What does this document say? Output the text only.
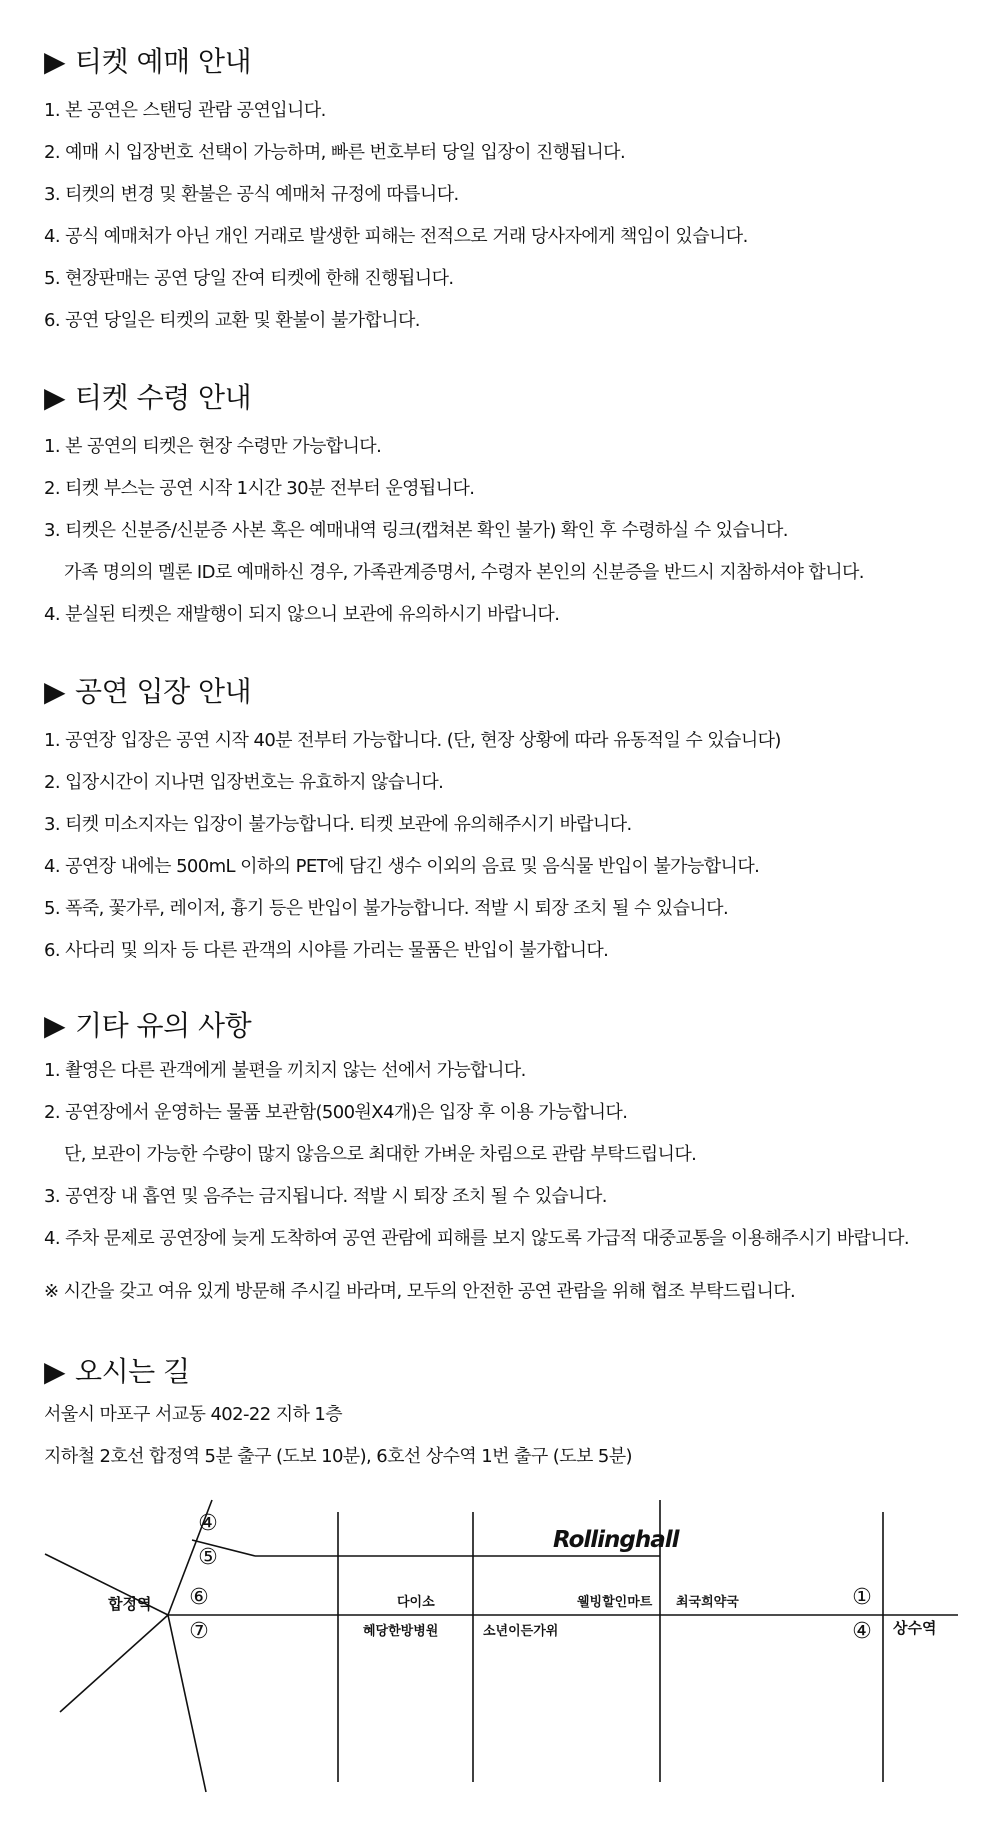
▶ 티켓 예매 안내
1. 본 공연은 스탠딩 관람 공연입니다.
2. 예매 시 입장번호 선택이 가능하며, 빠른 번호부터 당일 입장이 진행됩니다.
3. 티켓의 변경 및 환불은 공식 예매처 규정에 따릅니다.
4. 공식 예매처가 아닌 개인 거래로 발생한 피해는 전적으로 거래 당사자에게 책임이 있습니다.
5. 현장판매는 공연 당일 잔여 티켓에 한해 진행됩니다.
6. 공연 당일은 티켓의 교환 및 환불이 불가합니다.
▶ 티켓 수령 안내
1. 본 공연의 티켓은 현장 수령만 가능합니다.
2. 티켓 부스는 공연 시작 1시간 30분 전부터 운영됩니다.
3. 티켓은 신분증/신분증 사본 혹은 예매내역 링크(캡쳐본 확인 불가) 확인 후 수령하실 수 있습니다.
가족 명의의 멜론 ID로 예매하신 경우, 가족관계증명서, 수령자 본인의 신분증을 반드시 지참하셔야 합니다.
4. 분실된 티켓은 재발행이 되지 않으니 보관에 유의하시기 바랍니다.
▶ 공연 입장 안내
1. 공연장 입장은 공연 시작 40분 전부터 가능합니다. (단, 현장 상황에 따라 유동적일 수 있습니다)
2. 입장시간이 지나면 입장번호는 유효하지 않습니다.
3. 티켓 미소지자는 입장이 불가능합니다. 티켓 보관에 유의해주시기 바랍니다.
4. 공연장 내에는 500mL 이하의 PET에 담긴 생수 이외의 음료 및 음식물 반입이 불가능합니다.
5. 폭죽, 꽃가루, 레이저, 흉기 등은 반입이 불가능합니다. 적발 시 퇴장 조치 될 수 있습니다.
6. 사다리 및 의자 등 다른 관객의 시야를 가리는 물품은 반입이 불가합니다.
▶ 기타 유의 사항
1. 촬영은 다른 관객에게 불편을 끼치지 않는 선에서 가능합니다.
2. 공연장에서 운영하는 물품 보관함(500원X4개)은 입장 후 이용 가능합니다.
단, 보관이 가능한 수량이 많지 않음으로 최대한 가벼운 차림으로 관람 부탁드립니다.
3. 공연장 내 흡연 및 음주는 금지됩니다. 적발 시 퇴장 조치 될 수 있습니다.
4. 주차 문제로 공연장에 늦게 도착하여 공연 관람에 피해를 보지 않도록 가급적 대중교통을 이용해주시기 바랍니다.
※ 시간을 갖고 여유 있게 방문해 주시길 바라며, 모두의 안전한 공연 관람을 위해 협조 부탁드립니다.
▶ 오시는 길
서울시 마포구 서교동 402-22 지하 1층
지하철 2호선 합정역 5분 출구 (도보 10분), 6호선 상수역 1번 출구 (도보 5분)
④
⑤
⑥
⑦
①
④
합정역
상수역
다이소	웰빙할인마트 최국희약국
혜당한방병원	소년이든가위
Rollinghall
